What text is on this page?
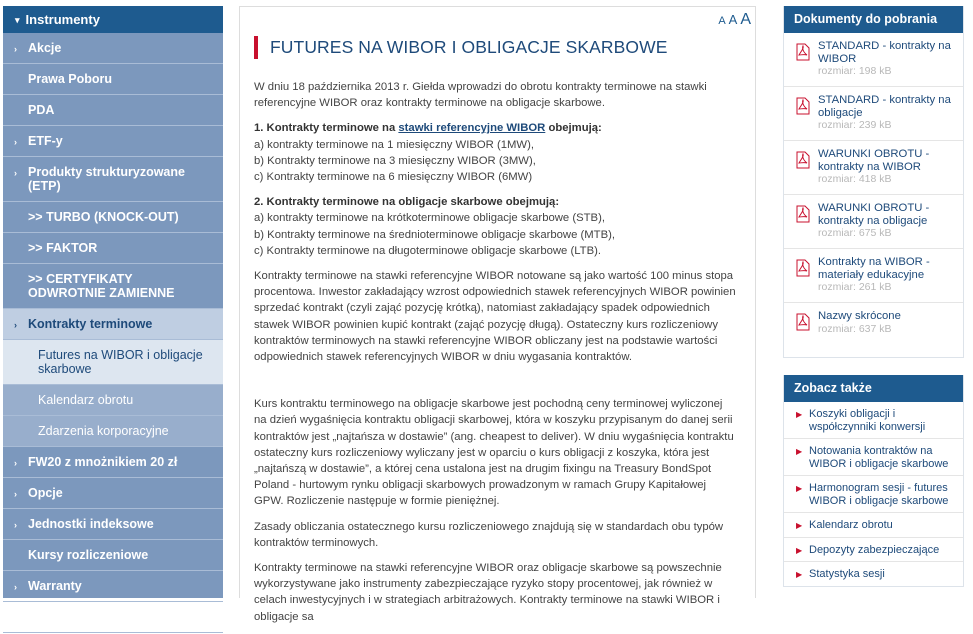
▾ Instrumenty
› Akcje
Prawa Poboru
PDA
› ETF-y
› Produkty strukturyzowane (ETP)
>> TURBO (KNOCK-OUT)
>> FAKTOR
>> CERTYFIKATY ODWROTNIE ZAMIENNE
› Kontrakty terminowe
Futures na WIBOR i obligacje skarbowe
Kalendarz obrotu
Zdarzenia korporacyjne
› FW20 z mnożnikiem 20 zł
› Opcje
› Jednostki indeksowe
Kursy rozliczeniowe
› Warranty
› Certyfikaty inwestycyjne
A A A
FUTURES NA WIBOR I OBLIGACJE SKARBOWE

W dniu 18 października 2013 r. Giełda wprowadzi do obrotu kontrakty terminowe na stawki referencyjne WIBOR oraz kontrakty terminowe na obligacje skarbowe.

1. Kontrakty terminowe na stawki referencyjne WIBOR obejmują:
a) kontrakty terminowe na 1 miesięczny WIBOR (1MW),
b) Kontrakty terminowe na 3 miesięczny WIBOR (3MW),
c) Kontrakty terminowe na 6 miesięczny WIBOR (6MW)

2. Kontrakty terminowe na obligacje skarbowe obejmują:
a) kontrakty terminowe na krótkoterminowe obligacje skarbowe (STB),
b) Kontrakty terminowe na średnioterminowe obligacje skarbowe (MTB),
c) Kontrakty terminowe na długoterminowe obligacje skarbowe (LTB).

Kontrakty terminowe na stawki referencyjne WIBOR notowane są jako wartość 100 minus stopa procentowa. Inwestor zakładający wzrost odpowiednich stawek referencyjnych WIBOR powinien sprzedać kontrakt (czyli zająć pozycję krótką), natomiast zakładający spadek odpowiednich stawek WIBOR powinien kupić kontrakt (zająć pozycję długą). Ostateczny kurs rozliczeniowy kontraktów terminowych na stawki referencyjne WIBOR obliczany jest na podstawie wartości odpowiednich stawek referencyjnych WIBOR w dniu wygasania kontraktów.

Kurs kontraktu terminowego na obligacje skarbowe jest pochodną ceny terminowej wyliczonej na dzień wygaśnięcia kontraktu obligacji skarbowej, która w koszyku przypisanym do danej serii kontraktów jest „najtańsza w dostawie” (ang. cheapest to deliver). W dniu wygaśnięcia kontraktu ostateczny kurs rozliczeniowy wyliczany jest w oparciu o kurs obligacji z koszyka, która jest „najtańszą w dostawie”, a której cena ustalona jest na drugim fixingu na Treasury BondSpot Poland - hurtowym rynku obligacji skarbowych prowadzonym w ramach Grupy Kapitałowej GPW. Rozliczenie następuje w formie pieniężnej.

Zasady obliczania ostatecznego kursu rozliczeniowego znajdują się w standardach obu typów kontraktów terminowych.

Kontrakty terminowe na stawki referencyjne WIBOR oraz obligacje skarbowe są powszechnie wykorzystywane jako instrumenty zabezpieczające ryzyko stopy procentowej, jak również w celach inwestycyjnych i w strategiach arbitrażowych. Kontrakty terminowe na stawki WIBOR i obligacje sa

Dokumenty do pobrania
STANDARD - kontrakty na WIBOR
rozmiar: 198 kB
STANDARD - kontrakty na obligacje
rozmiar: 239 kB
WARUNKI OBROTU - kontrakty na WIBOR
rozmiar: 418 kB
WARUNKI OBROTU - kontrakty na obligacje
rozmiar: 675 kB
Kontrakty na WIBOR - materiały edukacyjne
rozmiar: 261 kB
Nazwy skrócone
rozmiar: 637 kB
Zobacz także
▶ Koszyki obligacji i współczynniki konwersji
▶ Notowania kontraktów na WIBOR i obligacje skarbowe
▶ Harmonogram sesji - futures WIBOR i obligacje skarbowe
▶ Kalendarz obrotu
▶ Depozyty zabezpieczające
▶ Statystyka sesji
